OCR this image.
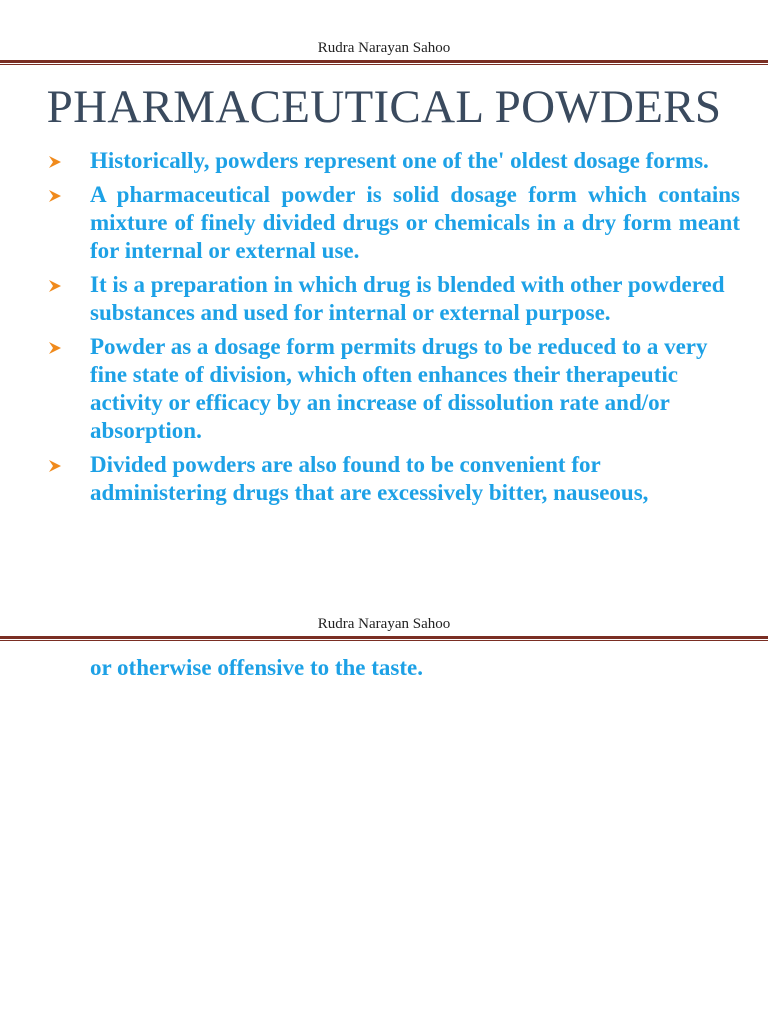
Rudra Narayan Sahoo
PHARMACEUTICAL POWDERS
Historically, powders represent one of the' oldest dosage forms.
A pharmaceutical powder is solid dosage form which contains mixture of finely divided drugs or chemicals in a dry form meant for internal or external use.
It is a preparation in which drug is blended with other powdered substances and used for internal or external purpose.
Powder as a dosage form permits drugs to be reduced to a very fine state of division, which often enhances their therapeutic activity or efficacy by an increase of dissolution rate and/or absorption.
Divided powders are also found to be convenient for administering drugs that are excessively bitter, nauseous,
Rudra Narayan Sahoo

or otherwise offensive to the taste.
